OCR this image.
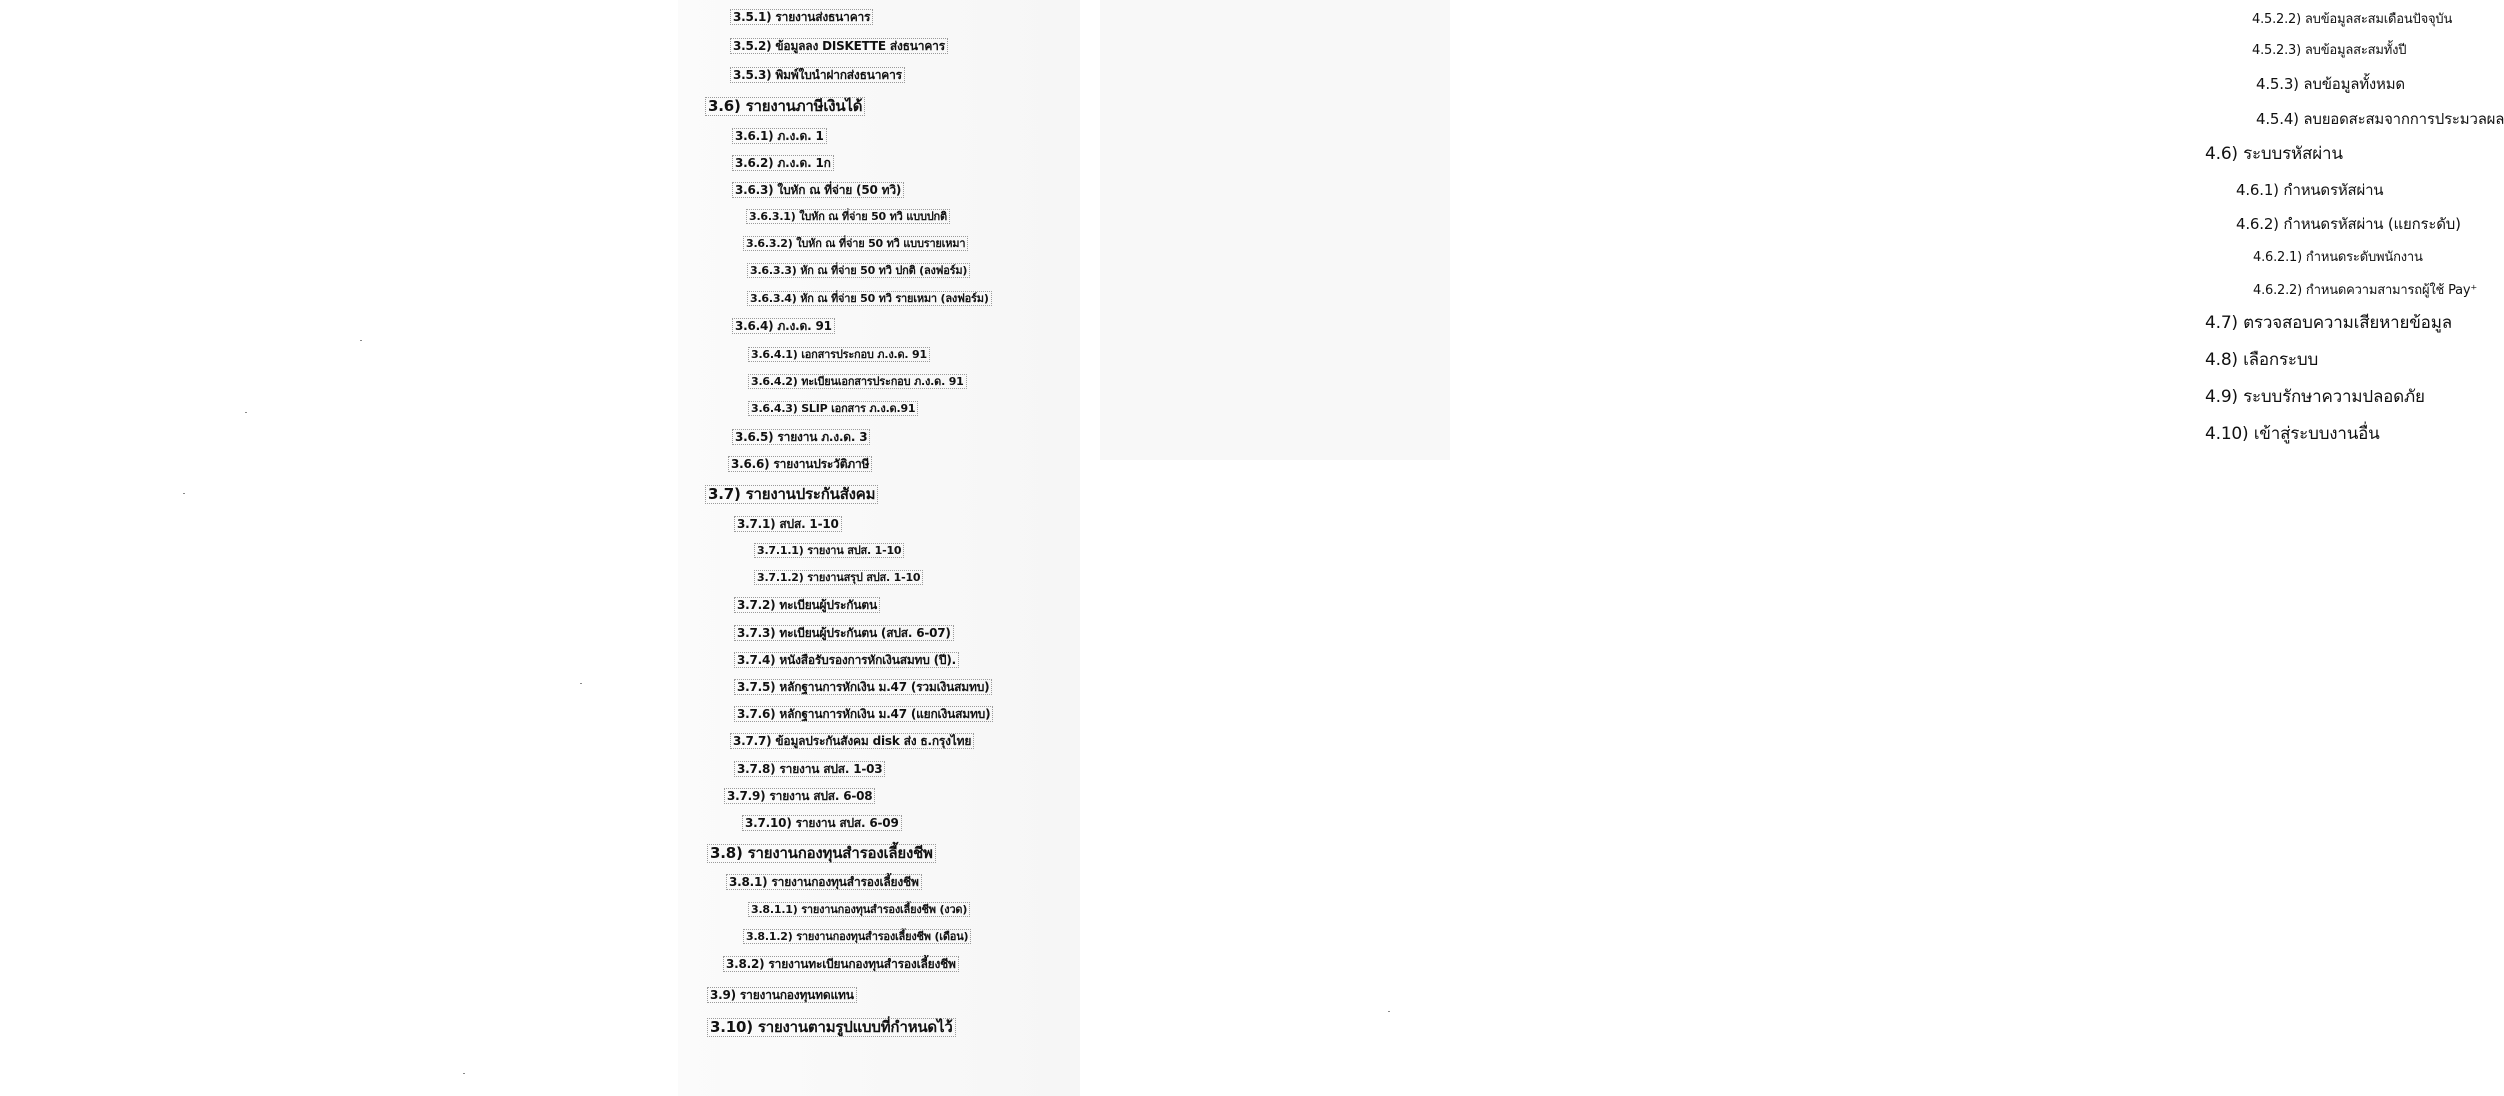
3.5.1) รายงานส่งธนาคาร
3.5.2) ข้อมูลลง DISKETTE ส่งธนาคาร
3.5.3) พิมพ์ใบนำฝากส่งธนาคาร
3.6) รายงานภาษีเงินได้
3.6.1) ภ.ง.ด. 1
3.6.2) ภ.ง.ด. 1ก
3.6.3) ใบหัก ณ ที่จ่าย (50 ทวิ)
3.6.3.1) ใบหัก ณ ที่จ่าย 50 ทวิ แบบปกติ
3.6.3.2) ใบหัก ณ ที่จ่าย 50 ทวิ แบบรายเหมา
3.6.3.3) หัก ณ ที่จ่าย 50 ทวิ ปกติ (ลงฟอร์ม)
3.6.3.4) หัก ณ ที่จ่าย 50 ทวิ รายเหมา (ลงฟอร์ม)
3.6.4) ภ.ง.ด. 91
3.6.4.1) เอกสารประกอบ ภ.ง.ด. 91
3.6.4.2) ทะเบียนเอกสารประกอบ ภ.ง.ด. 91
3.6.4.3) SLIP เอกสาร ภ.ง.ด.91
3.6.5) รายงาน ภ.ง.ด. 3
3.6.6) รายงานประวัติภาษี
3.7) รายงานประกันสังคม
3.7.1) สปส. 1-10
3.7.1.1) รายงาน สปส. 1-10
3.7.1.2) รายงานสรุป สปส. 1-10
3.7.2) ทะเบียนผู้ประกันตน
3.7.3) ทะเบียนผู้ประกันตน (สปส. 6-07)
3.7.4) หนังสือรับรองการหักเงินสมทบ (ปี).
3.7.5) หลักฐานการหักเงิน ม.47 (รวมเงินสมทบ)
3.7.6) หลักฐานการหักเงิน ม.47 (แยกเงินสมทบ)
3.7.7) ข้อมูลประกันสังคม disk ส่ง ธ.กรุงไทย
3.7.8) รายงาน สปส. 1-03
3.7.9) รายงาน สปส. 6-08
3.7.10) รายงาน สปส. 6-09
3.8) รายงานกองทุนสำรองเลี้ยงชีพ
3.8.1) รายงานกองทุนสำรองเลี้ยงชีพ
3.8.1.1) รายงานกองทุนสำรองเลี้ยงชีพ (งวด)
3.8.1.2) รายงานกองทุนสำรองเลี้ยงชีพ (เดือน)
3.8.2) รายงานทะเบียนกองทุนสำรองเลี้ยงชีพ
3.9) รายงานกองทุนทดแทน
3.10) รายงานตามรูปแบบที่กำหนดไว้
4.5.2.2) ลบข้อมูลสะสมเดือนปัจจุบัน
4.5.2.3) ลบข้อมูลสะสมทั้งปี
4.5.3) ลบข้อมูลทั้งหมด
4.5.4) ลบยอดสะสมจากการประมวลผล
4.6) ระบบรหัสผ่าน
4.6.1) กำหนดรหัสผ่าน
4.6.2) กำหนดรหัสผ่าน (แยกระดับ)
4.6.2.1) กำหนดระดับพนักงาน
4.6.2.2) กำหนดความสามารถผู้ใช้ Pay⁺
4.7) ตรวจสอบความเสียหายข้อมูล
4.8) เลือกระบบ
4.9) ระบบรักษาความปลอดภัย
4.10) เข้าสู่ระบบงานอื่น
